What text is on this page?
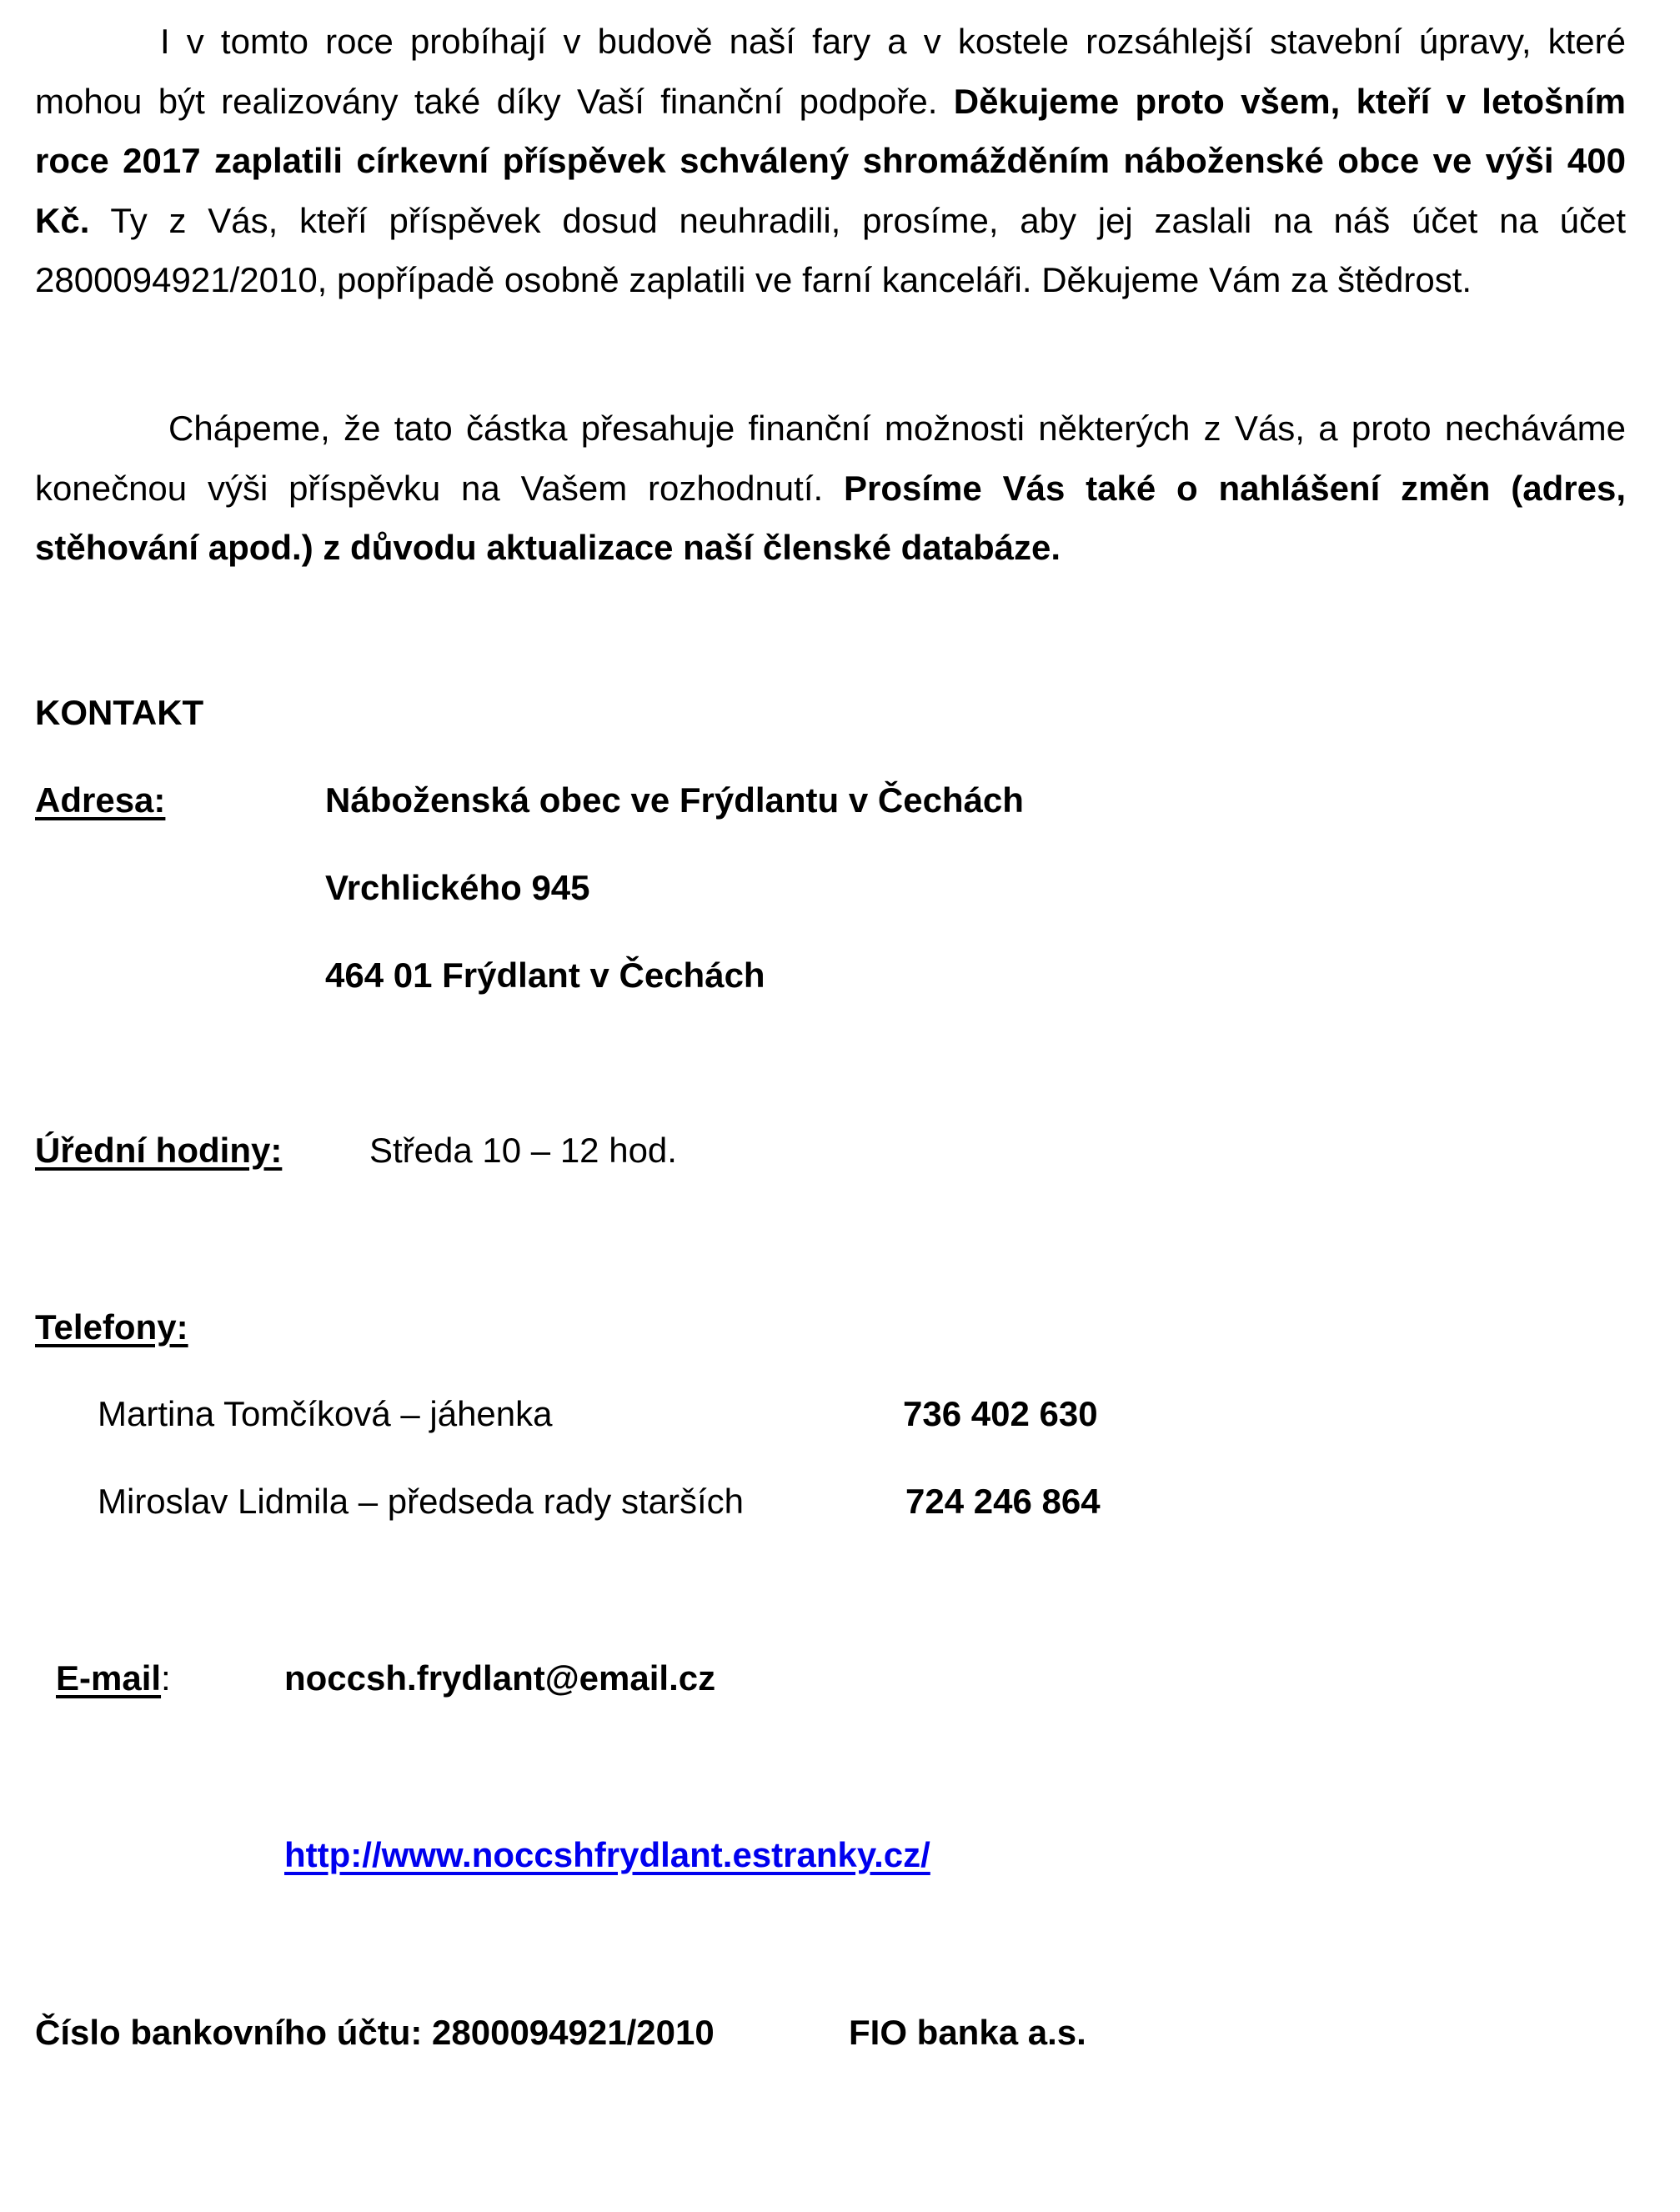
I v tomto roce probíhají v budově naší fary a v kostele rozsáhlejší stavební úpravy, které mohou být realizovány také díky Vaší finanční podpoře. Děkujeme proto všem, kteří v letošním roce 2017 zaplatili církevní příspěvek schválený shromážděním náboženské obce ve výši 400 Kč. Ty z Vás, kteří příspěvek dosud neuhradili, prosíme, aby jej zaslali na náš účet na účet 2800094921/2010, popřípadě osobně zaplatili ve farní kanceláři. Děkujeme Vám za štědrost.

Chápeme, že tato částka přesahuje finanční možnosti některých z Vás, a proto necháváme konečnou výši příspěvku na Vašem rozhodnutí. Prosíme Vás také o nahlášení změn (adres, stěhování apod.) z důvodu aktualizace naší členské databáze.

KONTAKT
Adresa:	Náboženská obec ve Frýdlantu v Čechách
Vrchlického 945
464 01 Frýdlant v Čechách
Úřední hodiny: Středa 10 – 12 hod.
Telefony:
Martina Tomčíková – jáhenka	736 402 630
Miroslav Lidmila – předseda rady starších	724 246 864
E-mail:	noccsh.frydlant@email.cz
http://www.noccshfrydlant.estranky.cz/
Číslo bankovního účtu: 2800094921/2010	FIO banka a.s.
